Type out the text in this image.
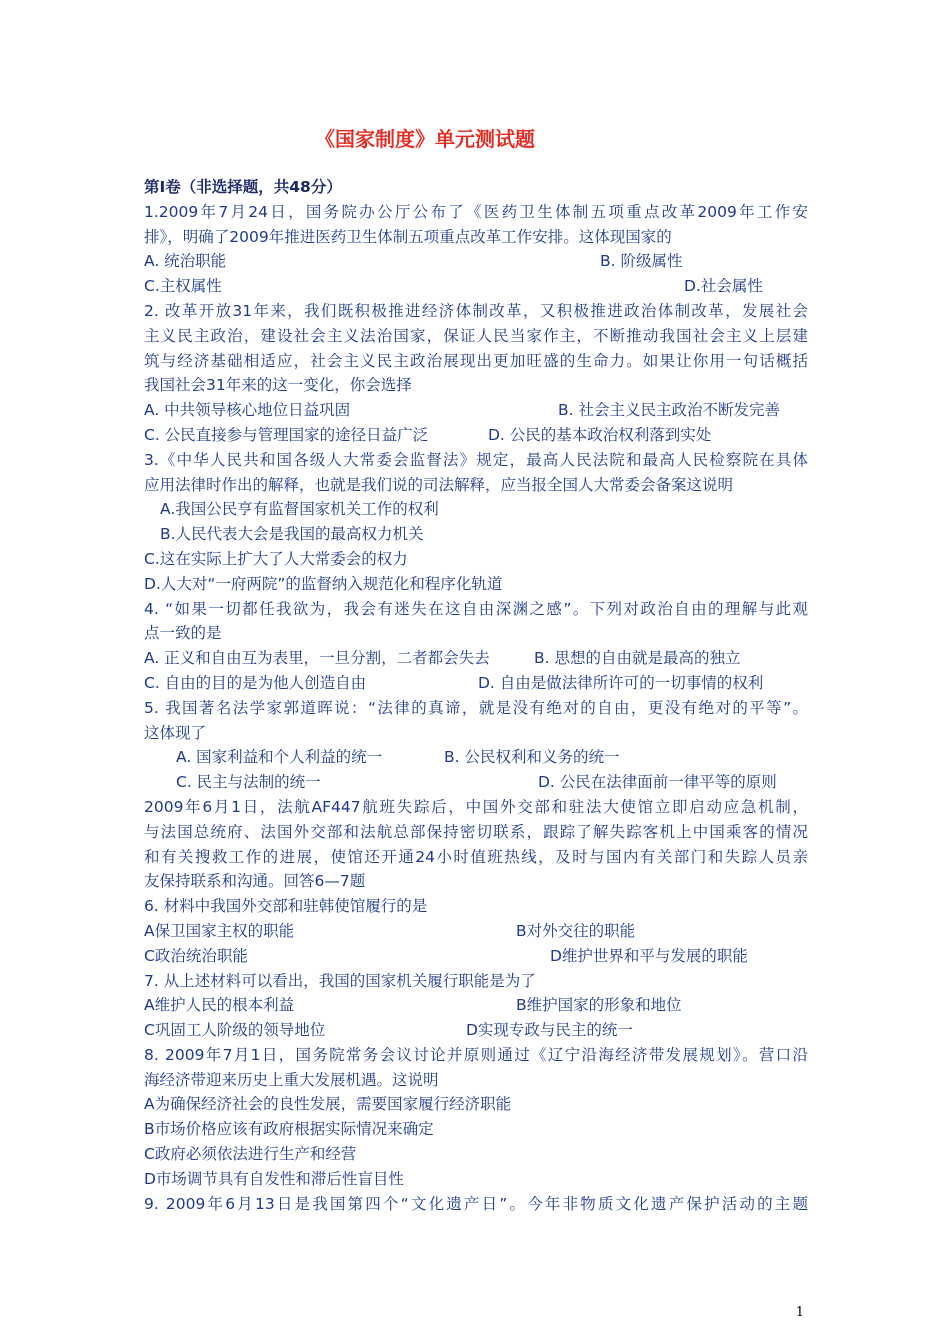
《国家制度》单元测试题
第Ⅰ卷（非选择题，共48分）
1.2009年7月24日，国务院办公厅公布了《医药卫生体制五项重点改革2009年工作安
排》，明确了2009年推进医药卫生体制五项重点改革工作安排。这体现国家的
A. 统治职能	B. 阶级属性
C.主权属性	D.社会属性
2. 改革开放31年来，我们既积极推进经济体制改革，又积极推进政治体制改革，发展社会
主义民主政治，建设社会主义法治国家，保证人民当家作主，不断推动我国社会主义上层建
筑与经济基础相适应，社会主义民主政治展现出更加旺盛的生命力。如果让你用一句话概括
我国社会31年来的这一变化，你会选择
A. 中共领导核心地位日益巩固	B. 社会主义民主政治不断发完善
C. 公民直接参与管理国家的途径日益广泛	D. 公民的基本政治权利落到实处
3.《中华人民共和国各级人大常委会监督法》规定，最高人民法院和最高人民检察院在具体
应用法律时作出的解释，也就是我们说的司法解释，应当报全国人大常委会备案这说明
A.我国公民亨有监督国家机关工作的权利
B.人民代表大会是我国的最高权力机关
C.这在实际上扩大了人大常委会的权力
D.人大对“一府两院”的监督纳入规范化和程序化轨道
4. “如果一切都任我欲为，我会有迷失在这自由深渊之感”。下列对政治自由的理解与此观
点一致的是
A. 正义和自由互为表里，一旦分割，二者都会失去	B. 思想的自由就是最高的独立
C. 自由的目的是为他人创造自由	D. 自由是做法律所许可的一切事情的权利
5. 我国著名法学家郭道晖说：“法律的真谛，就是没有绝对的自由，更没有绝对的平等”。
这体现了
A. 国家利益和个人利益的统一	B. 公民权利和义务的统一
C. 民主与法制的统一	D. 公民在法律面前一律平等的原则
2009年6月1日，法航AF447航班失踪后，中国外交部和驻法大使馆立即启动应急机制，
与法国总统府、法国外交部和法航总部保持密切联系，跟踪了解失踪客机上中国乘客的情况
和有关搜救工作的进展，使馆还开通24小时值班热线，及时与国内有关部门和失踪人员亲
友保持联系和沟通。回答6—7题
6. 材料中我国外交部和驻韩使馆履行的是
A保卫国家主权的职能	B对外交往的职能
C政治统治职能	D维护世界和平与发展的职能
7. 从上述材料可以看出，我国的国家机关履行职能是为了
A维护人民的根本利益	B维护国家的形象和地位
C巩固工人阶级的领导地位	D实现专政与民主的统一
8. 2009年7月1日，国务院常务会议讨论并原则通过《辽宁沿海经济带发展规划》。营口沿
海经济带迎来历史上重大发展机遇。这说明
A为确保经济社会的良性发展，需要国家履行经济职能
B市场价格应该有政府根据实际情况来确定
C政府必须依法进行生产和经营
D市场调节具有自发性和滞后性盲目性
9. 2009年6月13日是我国第四个“文化遗产日”。今年非物质文化遗产保护活动的主题
1
